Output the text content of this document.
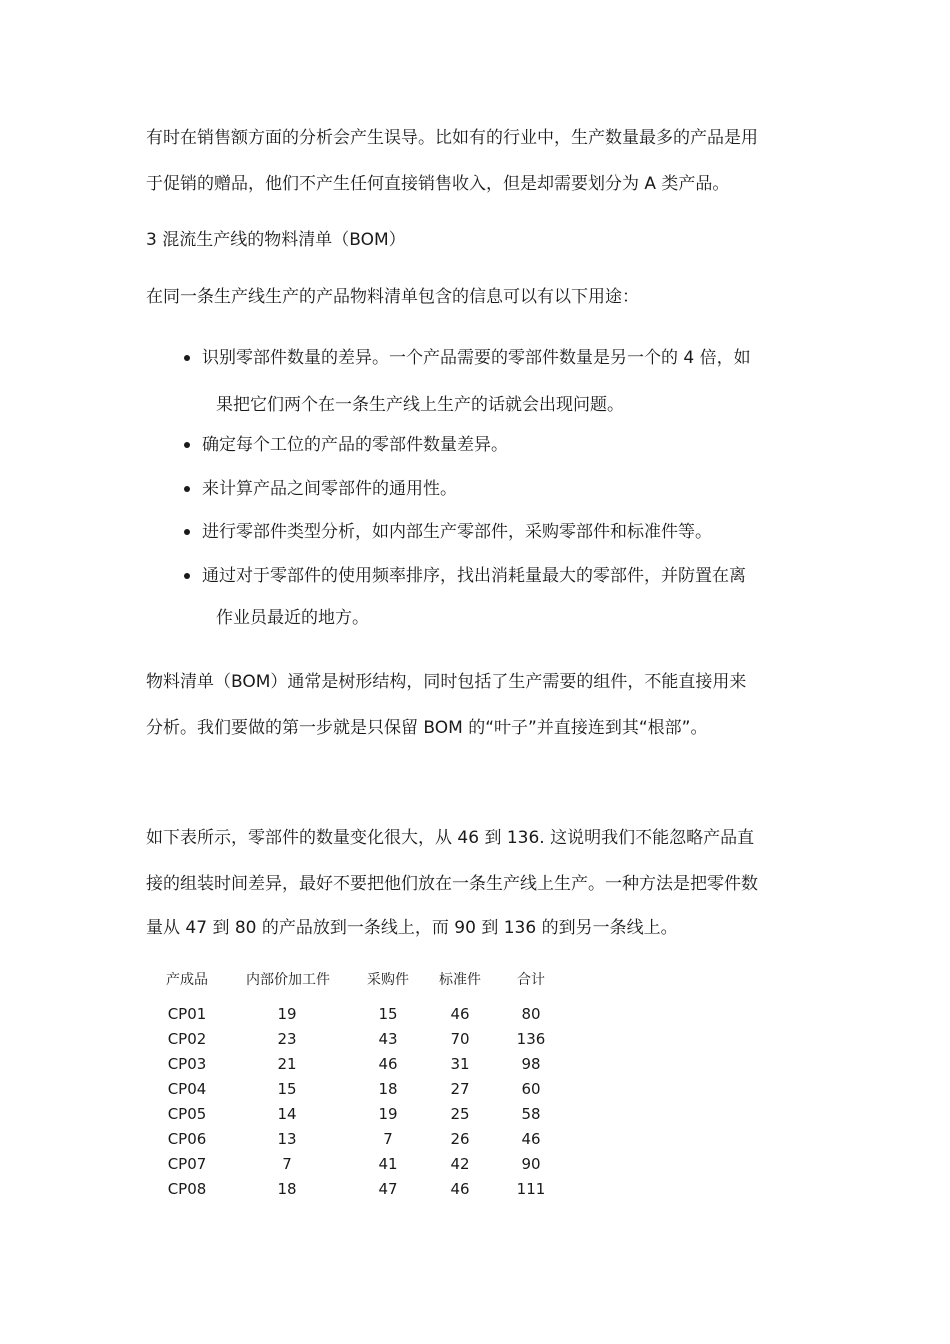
有时在销售额方面的分析会产生误导。比如有的行业中，生产数量最多的产品是用
于促销的赠品，他们不产生任何直接销售收入，但是却需要划分为 A 类产品。
3 混流生产线的物料清单（BOM）
在同一条生产线生产的产品物料清单包含的信息可以有以下用途：
识别零部件数量的差异。一个产品需要的零部件数量是另一个的 4 倍，如
果把它们两个在一条生产线上生产的话就会出现问题。
确定每个工位的产品的零部件数量差异。
来计算产品之间零部件的通用性。
进行零部件类型分析，如内部生产零部件，采购零部件和标准件等。
通过对于零部件的使用频率排序，找出消耗量最大的零部件，并防置在离
作业员最近的地方。
物料清单（BOM）通常是树形结构，同时包括了生产需要的组件，不能直接用来
分析。我们要做的第一步就是只保留 BOM 的“叶子”并直接连到其“根部”。
如下表所示，零部件的数量变化很大，从 46 到 136. 这说明我们不能忽略产品直
接的组装时间差异，最好不要把他们放在一条生产线上生产。一种方法是把零件数
量从 47 到 80 的产品放到一条线上，而 90 到 136 的到另一条线上。
产成品	内部价加工件	采购件	标准件	合计
CP01	19	15	46	80
CP02	23	43	70	136
CP03	21	46	31	98
CP04	15	18	27	60
CP05	14	19	25	58
CP06	13	7	26	46
CP07	7	41	42	90
CP08	18	47	46	111
